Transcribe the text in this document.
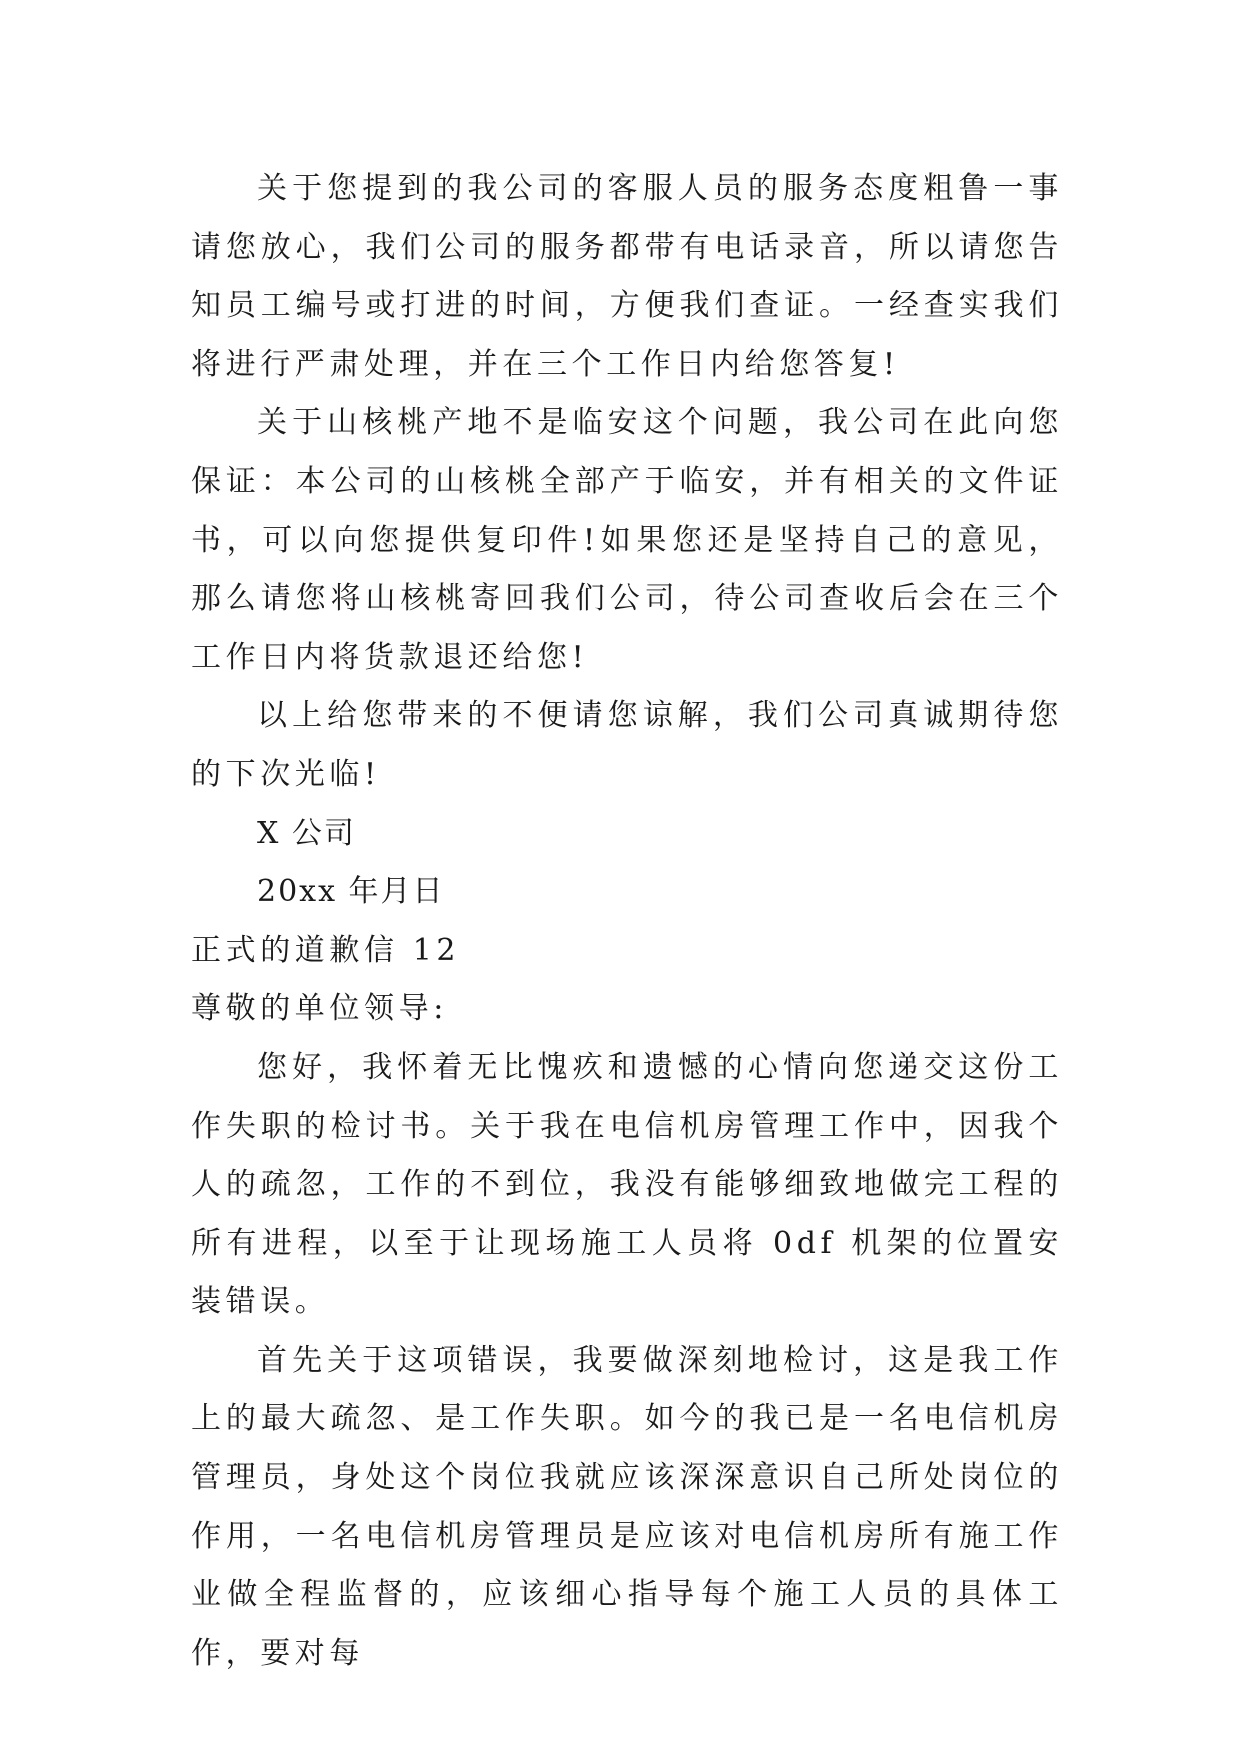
关于您提到的我公司的客服人员的服务态度粗鲁一事请您放心，我们公司的服务都带有电话录音，所以请您告知员工编号或打进的时间，方便我们查证。一经查实我们将进行严肃处理，并在三个工作日内给您答复!

关于山核桃产地不是临安这个问题，我公司在此向您保证：本公司的山核桃全部产于临安，并有相关的文件证书，可以向您提供复印件!如果您还是坚持自己的意见，那么请您将山核桃寄回我们公司，待公司查收后会在三个工作日内将货款退还给您!

以上给您带来的不便请您谅解，我们公司真诚期待您的下次光临!

X 公司

20xx 年月日

正式的道歉信 12

尊敬的单位领导:

您好，我怀着无比愧疚和遗憾的心情向您递交这份工作失职的检讨书。关于我在电信机房管理工作中，因我个人的疏忽，工作的不到位，我没有能够细致地做完工程的所有进程，以至于让现场施工人员将 0df 机架的位置安装错误。

首先关于这项错误，我要做深刻地检讨，这是我工作上的最大疏忽、是工作失职。如今的我已是一名电信机房管理员，身处这个岗位我就应该深深意识自己所处岗位的作用，一名电信机房管理员是应该对电信机房所有施工作业做全程监督的，应该细心指导每个施工人员的具体工作，要对每
